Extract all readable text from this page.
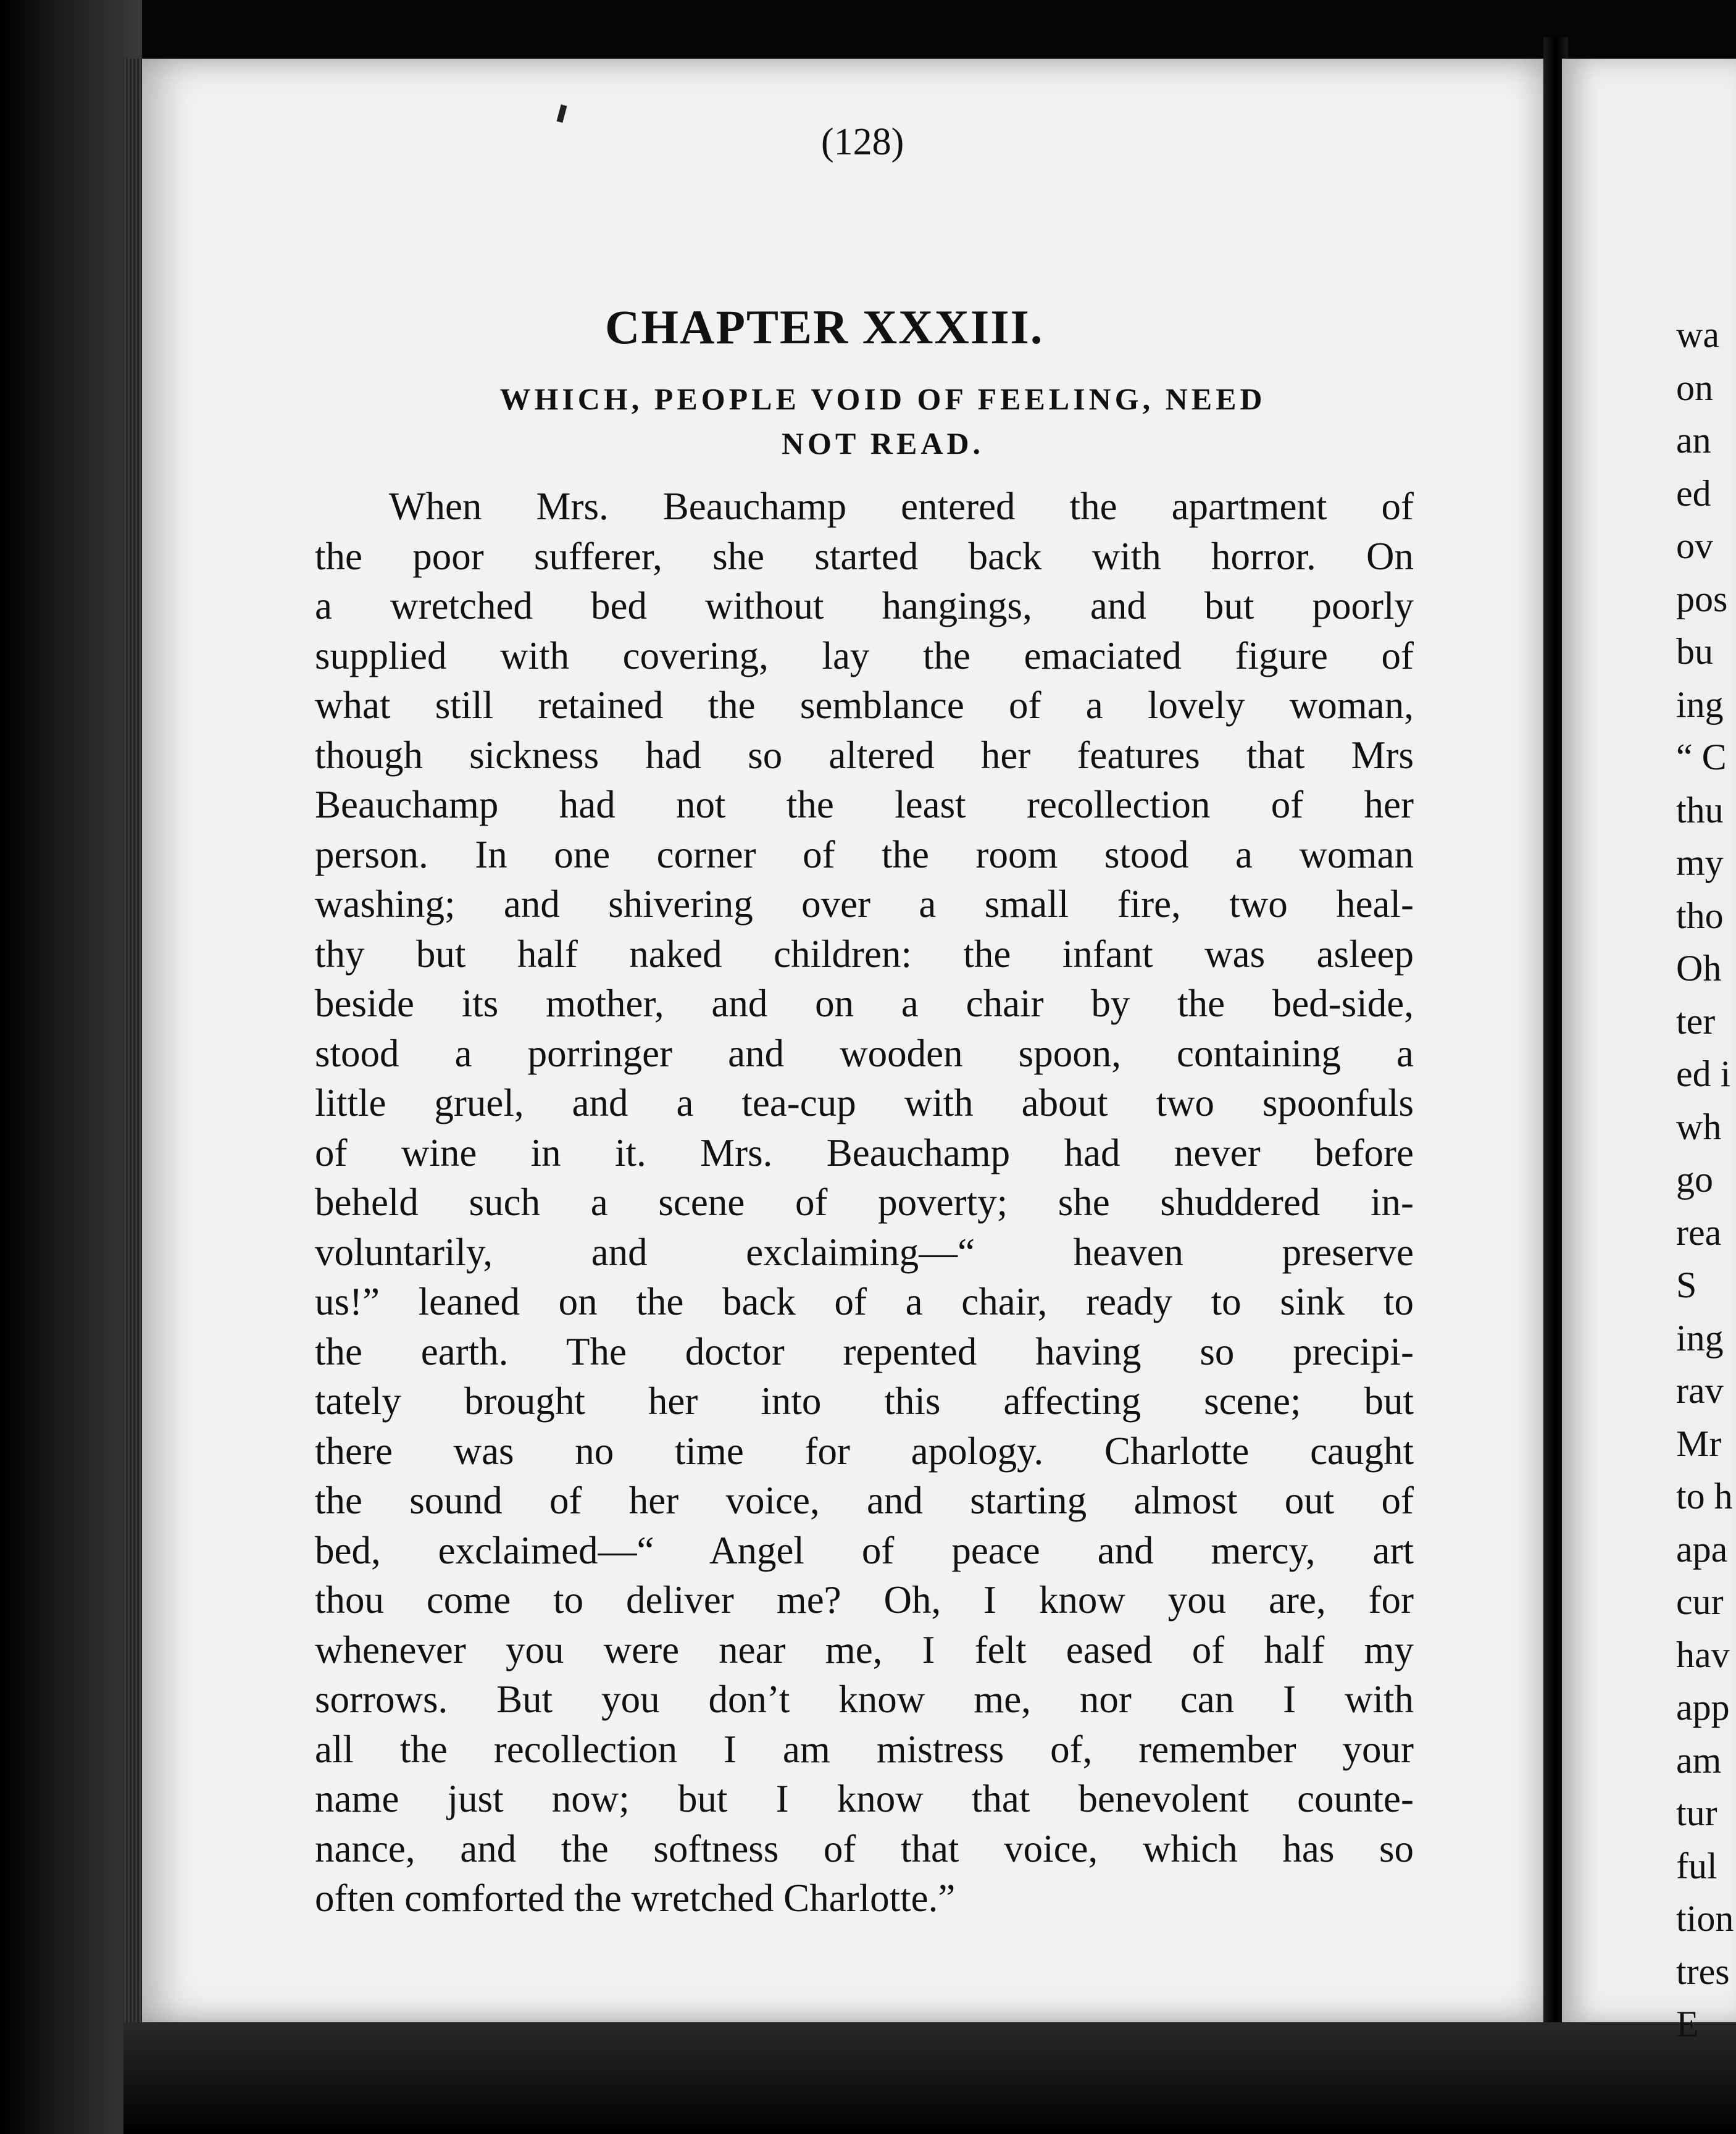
(128)
CHAPTER XXXIII.
WHICH, PEOPLE VOID OF FEELING, NEED
NOT READ.
When Mrs. Beauchamp entered the apartment of
the poor sufferer, she started back with horror. On
a wretched bed without hangings, and but poorly
supplied with covering, lay the emaciated figure of
what still retained the semblance of a lovely woman,
though sickness had so altered her features that Mrs
Beauchamp had not the least recollection of her
person. In one corner of the room stood a woman
washing; and shivering over a small fire, two heal-
thy but half naked children: the infant was asleep
beside its mother, and on a chair by the bed-side,
stood a porringer and wooden spoon, containing a
little gruel, and a tea-cup with about two spoonfuls
of wine in it. Mrs. Beauchamp had never before
beheld such a scene of poverty; she shuddered in-
voluntarily, and exclaiming—“ heaven preserve
us!” leaned on the back of a chair, ready to sink to
the earth. The doctor repented having so precipi-
tately brought her into this affecting scene; but
there was no time for apology. Charlotte caught
the sound of her voice, and starting almost out of
bed, exclaimed—“ Angel of peace and mercy, art
thou come to deliver me? Oh, I know you are, for
whenever you were near me, I felt eased of half my
sorrows. But you don’t know me, nor can I with
all the recollection I am mistress of, remember your
name just now; but I know that benevolent counte-
nance, and the softness of that voice, which has so
often comforted the wretched Charlotte.”
wa
on
an
ed
ov
pos
bu
ing
“ C
thu
my
tho
Oh
ter
ed i
wh
go
rea
S
ing
rav
Mr
to h
apa
cur
hav
app
am
tur
ful
tion
tres
E
